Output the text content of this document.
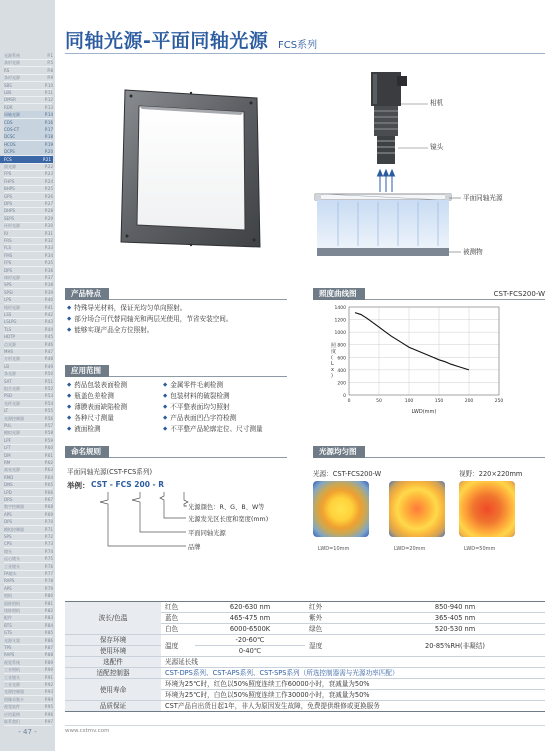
光源系统	P.1
条形光源	P.5
RS	P.8
条形光源	P.9
SBS	P.10
LBS	P.11
DMSR	P.12
RDR	P.13
同轴光源	P.14
COS	P.16
COS-CT	P.17
DCSC	P.18
HCOS	P.19
DCPS	P.20
FCS	P.21
面光源	P.22
FPS	P.23
FHPS	P.24
BHPS	P.25
GPS	P.26
DPS	P.27
DHPS	P.28
SEPS	P.29
环形光源	P.30
RI	P.31
FRS	P.32
FLS	P.33
FMS	P.34
FPS	P.35
DPS	P.36
球形光源	P.37
SPS	P.38
SPSI	P.39
LPS	P.40
线形光源	P.41
LSS	P.42
LSLPG	P.43
TLS	P.44
HDTP	P.45
点光源	P.46
MHS	P.47
方形光源	P.48
LB	P.49
条光源	P.50
SAT	P.51
组合光源	P.52
PSD	P.53
光纤光源	P.54
LT	P.55
光源控制器	P.56
PUL	P.57
模拟光源	P.58
LPF	P.59
LFT	P.60
DM	P.61
RM	P.62
高亮光源	P.63
RMD	P.64
DNS	P.65
LPD	P.66
DRS	P.67
数字控制器	P.68
APS	P.69
DPS	P.70
模拟控制器	P.71
SPS	P.72
CPS	P.73
镜头	P.74
远心镜头	P.75
工业镜头	P.76
FA镜头	P.77
RAPS	P.78
APS	P.79
相机	P.80
面阵相机	P.81
线阵相机	P.82
配件	P.83
BTS	P.84
GTS	P.85
光源支架	P.86
TPS	P.87
RAPS	P.88
视觉系统	P.89
工业相机	P.90
工业镜头	P.91
工业光源	P.92
光源控制器	P.93
图像采集卡	P.94
视觉软件	P.95
应用案例	P.96
联系我们	P.97
- 47 -
同轴光源-平面同轴光源 FCS系列
相机
镜头
平面同轴光源
被测物
产品特点
◆ 特殊导光材料，保证光均匀单向照射。
◆ 部分场合可代替同轴光和两层光使用，节省安装空间。
◆ 能够实现产品全方位照射。
照度曲线图	CST-FCS200-W
0
200
400
600
800
1000
1200
1400
0	50	100	150	200	250
照度( L x )
LWD(mm)
应用范围
◆ 药品包装表面检测
◆ 瓶盖色差检测
◆ 薄膜表面缺陷检测
◆ 各种尺寸测量
◆ 液面检测
◆ 金属零件毛刺检测
◆ 包装材料的破裂检测
◆ 不平整表面均匀照射
◆ 产品表面凹凸字符检测
◆ 不平整产品轮廓定位、尺寸测量
命名规则
平面同轴光源(CST-FCS系列)
举例： CST - FCS 200 - R
光源颜色：R、G、B、W等
光源发光区长度和宽度(mm)
平面同轴光源
品牌
光源均匀图
光源：CST-FCS200-W	视野：220×220mm
LWD=10mm	LWD=20mm	LWD=50mm
波长/色温	红色	620-630 nm	红外	850-940 nm
	蓝色	465-475 nm	紫外	365-405 nm
	白色	6000-6500K	绿色	520-530 nm
保存环境	温度	-20-60℃	湿度	20-85%RH(非凝结)
使用环境		0-40℃		
选配件	光源延长线			
适配控制器	CST-DPS系列、CST-APS系列、CST-SPS系列（所选控制器需与光源功率匹配）			
使用寿命	环境为25℃时，红色以50%照度连续工作60000小时，衰减量为50%			
	环境为25℃时，白色以50%照度连续工作30000小时，衰减量为50%			
品质保证	CST产品自出货日起1年，非人为原因发生故障，免费提供维修或更换服务			
www.cstmv.com
